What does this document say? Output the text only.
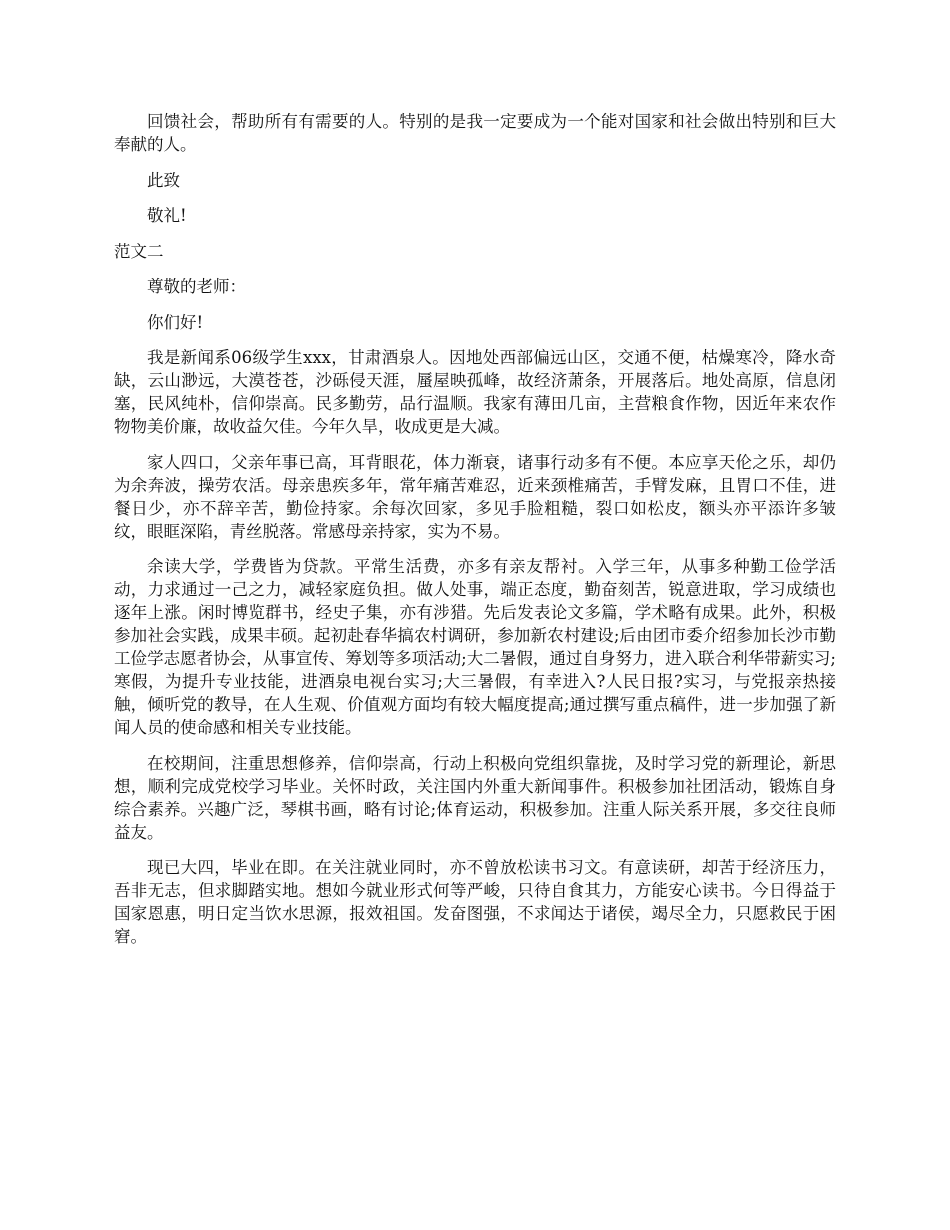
回馈社会，帮助所有有需要的人。特别的是我一定要成为一个能对国家和社会做出特别和巨大奉献的人。

此致

敬礼!

范文二

尊敬的老师：

你们好!

我是新闻系06级学生xxx，甘肃酒泉人。因地处西部偏远山区，交通不便，枯燥寒冷，降水奇缺，云山渺远，大漠苍苍，沙砾侵天涯，蜃屋映孤峰，故经济萧条，开展落后。地处高原，信息闭塞，民风纯朴，信仰崇高。民多勤劳，品行温顺。我家有薄田几亩，主营粮食作物，因近年来农作物物美价廉，故收益欠佳。今年久旱，收成更是大减。

家人四口，父亲年事已高，耳背眼花，体力渐衰，诸事行动多有不便。本应享天伦之乐，却仍为余奔波，操劳农活。母亲患疾多年，常年痛苦难忍，近来颈椎痛苦，手臂发麻，且胃口不佳，进餐日少，亦不辞辛苦，勤俭持家。余每次回家，多见手脸粗糙，裂口如松皮，额头亦平添许多皱纹，眼眶深陷，青丝脱落。常感母亲持家，实为不易。

余读大学，学费皆为贷款。平常生活费，亦多有亲友帮衬。入学三年，从事多种勤工俭学活动，力求通过一己之力，减轻家庭负担。做人处事，端正态度，勤奋刻苦，锐意进取，学习成绩也逐年上涨。闲时博览群书，经史子集，亦有涉猎。先后发表论文多篇，学术略有成果。此外，积极参加社会实践，成果丰硕。起初赴春华搞农村调研，参加新农村建设;后由团市委介绍参加长沙市勤工俭学志愿者协会，从事宣传、筹划等多项活动;大二暑假，通过自身努力，进入联合利华带薪实习;寒假，为提升专业技能，进酒泉电视台实习;大三暑假，有幸进入?人民日报?实习，与党报亲热接触，倾听党的教导，在人生观、价值观方面均有较大幅度提高;通过撰写重点稿件，进一步加强了新闻人员的使命感和相关专业技能。

在校期间，注重思想修养，信仰崇高，行动上积极向党组织靠拢，及时学习党的新理论，新思想，顺利完成党校学习毕业。关怀时政，关注国内外重大新闻事件。积极参加社团活动，锻炼自身综合素养。兴趣广泛，琴棋书画，略有讨论;体育运动，积极参加。注重人际关系开展，多交往良师益友。

现已大四，毕业在即。在关注就业同时，亦不曾放松读书习文。有意读研，却苦于经济压力，吾非无志，但求脚踏实地。想如今就业形式何等严峻，只待自食其力，方能安心读书。今日得益于国家恩惠，明日定当饮水思源，报效祖国。发奋图强，不求闻达于诸侯，竭尽全力，只愿救民于困窘。
